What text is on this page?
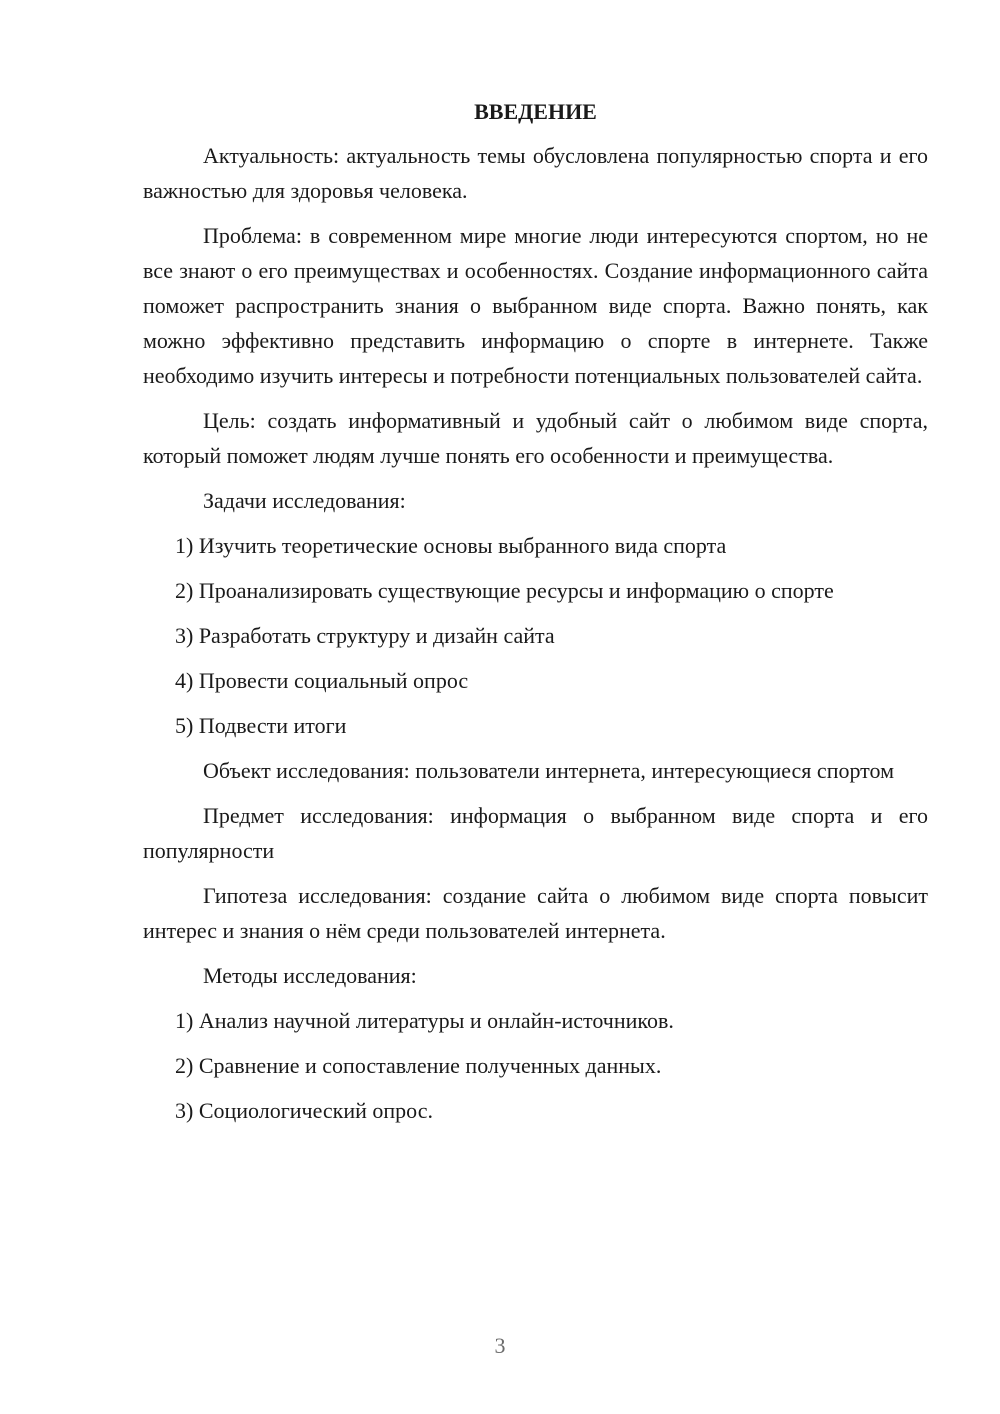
ВВЕДЕНИЕ

Актуальность: актуальность темы обусловлена популярностью спорта и его важностью для здоровья человека.

Проблема: в современном мире многие люди интересуются спортом, но не все знают о его преимуществах и особенностях. Создание информационного сайта поможет распространить знания о выбранном виде спорта. Важно понять, как можно эффективно представить информацию о спорте в интернете. Также необходимо изучить интересы и потребности потенциальных пользователей сайта.

Цель: создать информативный и удобный сайт о любимом виде спорта, который поможет людям лучше понять его особенности и преимущества.

Задачи исследования:

1) Изучить теоретические основы выбранного вида спорта
2) Проанализировать существующие ресурсы и информацию о спорте
3) Разработать структуру и дизайн сайта
4) Провести социальный опрос
5) Подвести итоги

Объект исследования: пользователи интернета, интересующиеся спортом

Предмет исследования: информация о выбранном виде спорта и его популярности

Гипотеза исследования: создание сайта о любимом виде спорта повысит интерес и знания о нём среди пользователей интернета.

Методы исследования:

1) Анализ научной литературы и онлайн-источников.
2) Сравнение и сопоставление полученных данных.
3) Социологический опрос.
3
